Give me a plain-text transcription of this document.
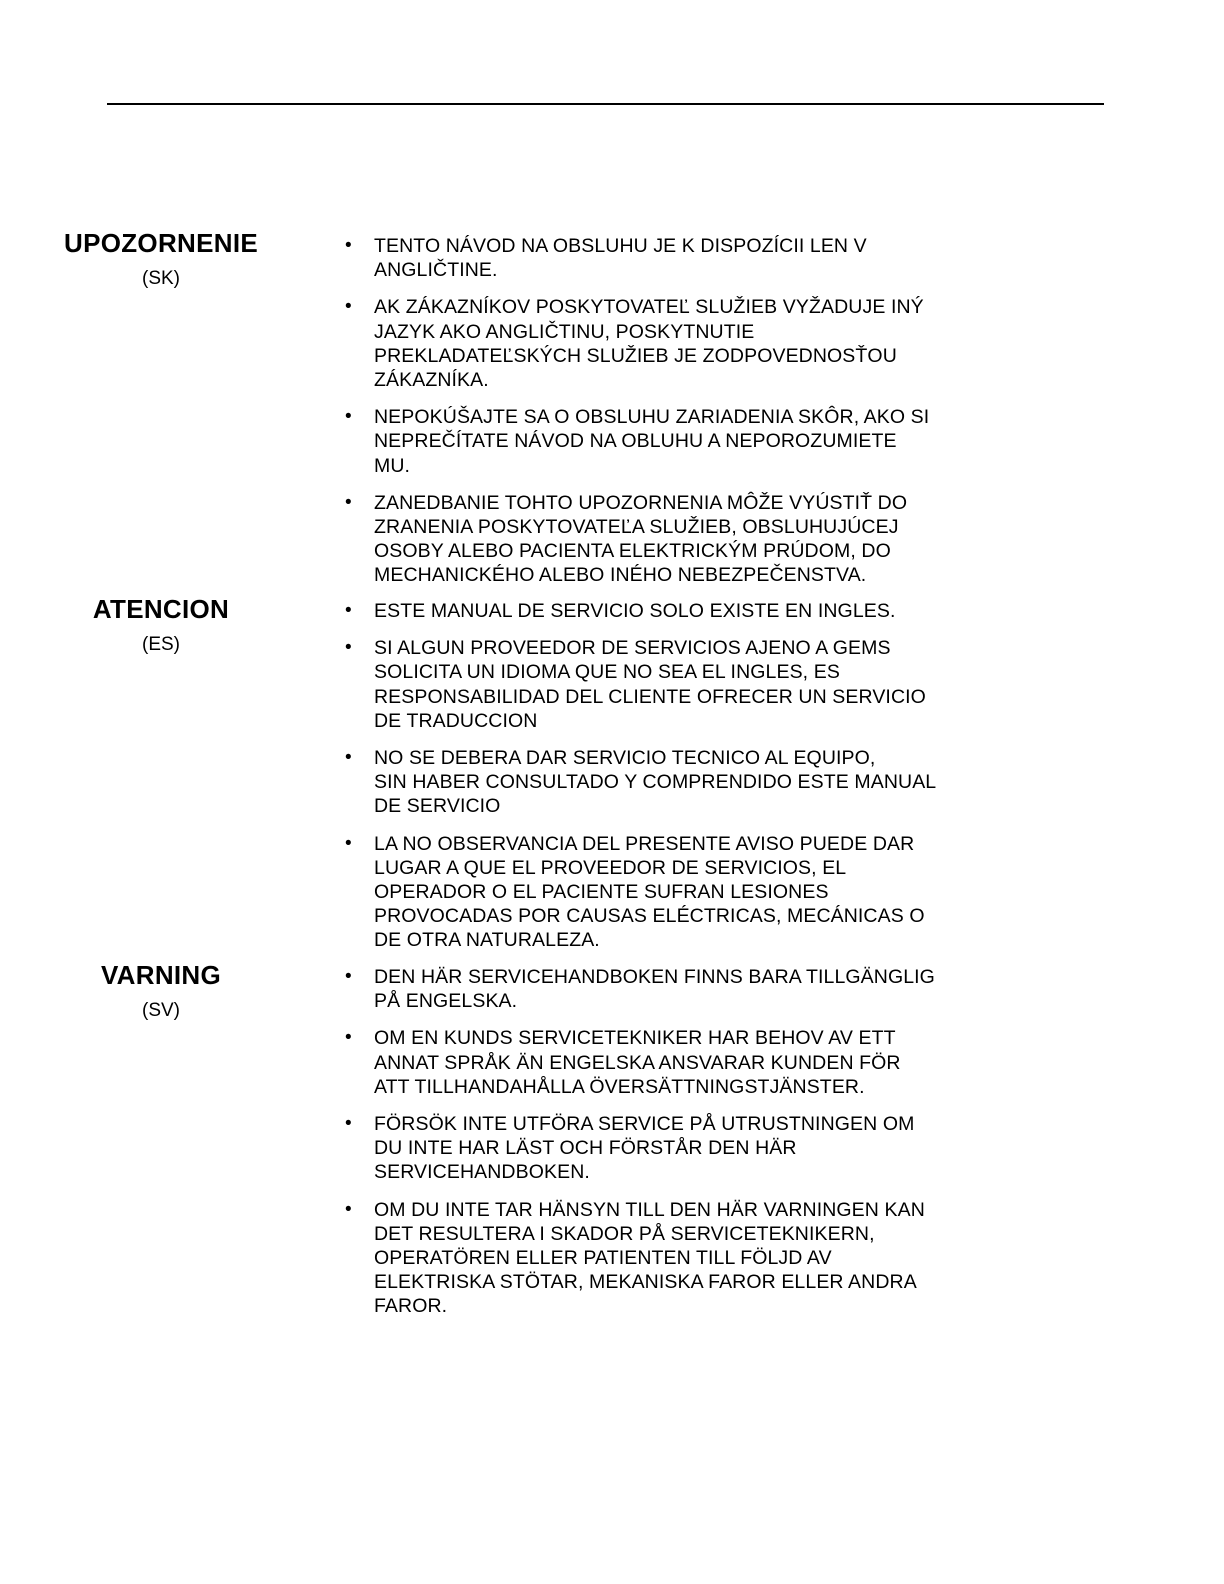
UPOZORNENIE
(SK)
• TENTO NÁVOD NA OBSLUHU JE K DISPOZÍCII LEN V
ANGLIČTINE.
• AK ZÁKAZNÍKOV POSKYTOVATEĽ SLUŽIEB VYŽADUJE INÝ
JAZYK AKO ANGLIČTINU, POSKYTNUTIE
PREKLADATEĽSKÝCH SLUŽIEB JE ZODPOVEDNOSŤOU
ZÁKAZNÍKA.
• NEPOKÚŠAJTE SA O OBSLUHU ZARIADENIA SKÔR, AKO SI
NEPREČÍTATE NÁVOD NA OBLUHU A NEPOROZUMIETE
MU.
• ZANEDBANIE TOHTO UPOZORNENIA MÔŽE VYÚSTIŤ DO
ZRANENIA POSKYTOVATEĽA SLUŽIEB, OBSLUHUJÚCEJ
OSOBY ALEBO PACIENTA ELEKTRICKÝM PRÚDOM, DO
MECHANICKÉHO ALEBO INÉHO NEBEZPEČENSTVA.
ATENCION
(ES)
• ESTE MANUAL DE SERVICIO SOLO EXISTE EN INGLES.
• SI ALGUN PROVEEDOR DE SERVICIOS AJENO A GEMS
SOLICITA UN IDIOMA QUE NO SEA EL INGLES, ES
RESPONSABILIDAD DEL CLIENTE OFRECER UN SERVICIO
DE TRADUCCION
• NO SE DEBERA DAR SERVICIO TECNICO AL EQUIPO,
SIN HABER CONSULTADO Y COMPRENDIDO ESTE MANUAL
DE SERVICIO
• LA NO OBSERVANCIA DEL PRESENTE AVISO PUEDE DAR
LUGAR A QUE EL PROVEEDOR DE SERVICIOS, EL
OPERADOR O EL PACIENTE SUFRAN LESIONES
PROVOCADAS POR CAUSAS ELÉCTRICAS, MECÁNICAS O
DE OTRA NATURALEZA.
VARNING
(SV)
• DEN HÄR SERVICEHANDBOKEN FINNS BARA TILLGÄNGLIG
PÅ ENGELSKA.
• OM EN KUNDS SERVICETEKNIKER HAR BEHOV AV ETT
ANNAT SPRÅK ÄN ENGELSKA ANSVARAR KUNDEN FÖR
ATT TILLHANDAHÅLLA ÖVERSÄTTNINGSTJÄNSTER.
• FÖRSÖK INTE UTFÖRA SERVICE PÅ UTRUSTNINGEN OM
DU INTE HAR LÄST OCH FÖRSTÅR DEN HÄR
SERVICEHANDBOKEN.
• OM DU INTE TAR HÄNSYN TILL DEN HÄR VARNINGEN KAN
DET RESULTERA I SKADOR PÅ SERVICETEKNIKERN,
OPERATÖREN ELLER PATIENTEN TILL FÖLJD AV
ELEKTRISKA STÖTAR, MEKANISKA FAROR ELLER ANDRA
FAROR.
